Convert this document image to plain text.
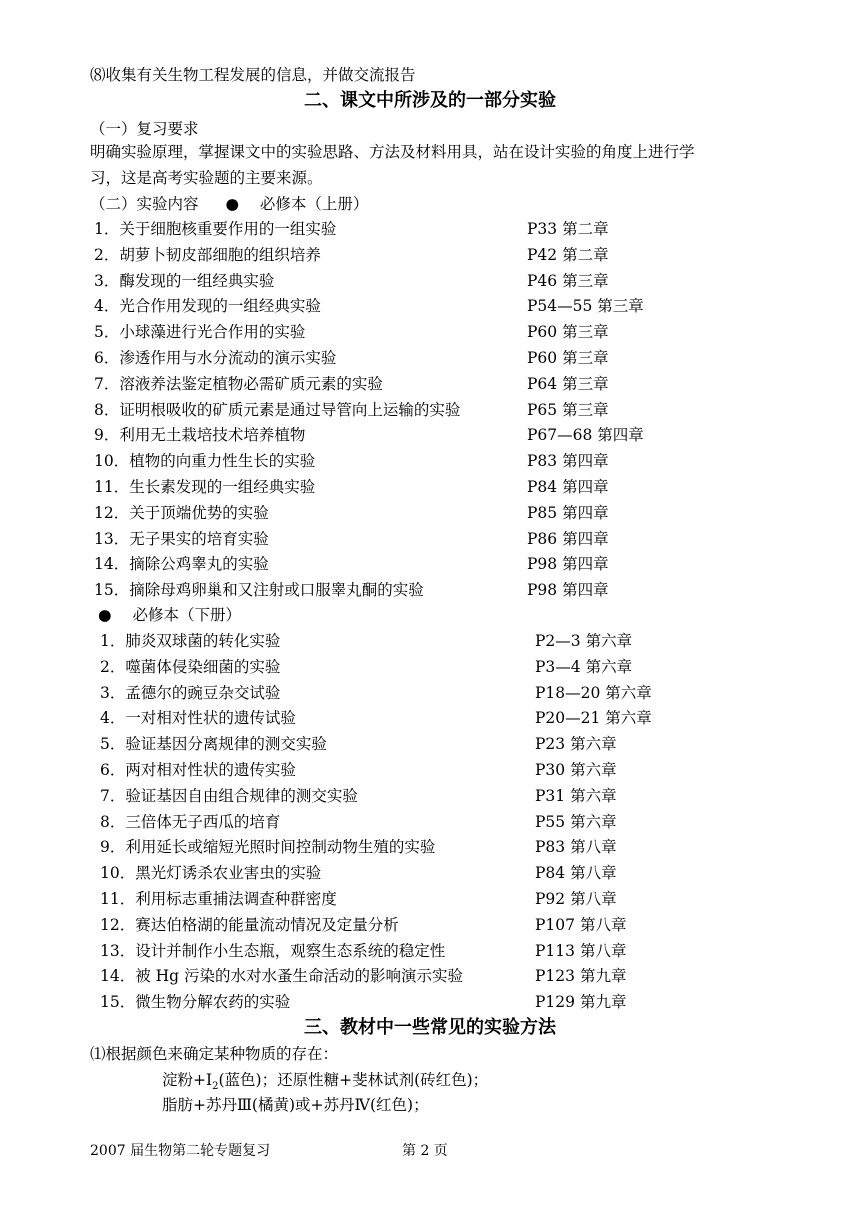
⑻收集有关生物工程发展的信息，并做交流报告
二、课文中所涉及的一部分实验
（一）复习要求
明确实验原理，掌握课文中的实验思路、方法及材料用具，站在设计实验的角度上进行学
习，这是高考实验题的主要来源。
（二）实验内容 ● 必修本（上册）
1．关于细胞核重要作用的一组实验	P33 第二章
2．胡萝卜韧皮部细胞的组织培养	P42 第二章
3．酶发现的一组经典实验	P46 第三章
4．光合作用发现的一组经典实验	P54—55 第三章
5．小球藻进行光合作用的实验	P60 第三章
6．渗透作用与水分流动的演示实验	P60 第三章
7．溶液养法鉴定植物必需矿质元素的实验	P64 第三章
8．证明根吸收的矿质元素是通过导管向上运输的实验	P65 第三章
9．利用无土栽培技术培养植物	P67—68 第四章
10．植物的向重力性生长的实验	P83 第四章
11．生长素发现的一组经典实验	P84 第四章
12．关于顶端优势的实验	P85 第四章
13．无子果实的培育实验	P86 第四章
14．摘除公鸡睾丸的实验	P98 第四章
15．摘除母鸡卵巢和又注射或口服睾丸酮的实验	P98 第四章
● 必修本（下册）
1．肺炎双球菌的转化实验	P2—3 第六章
2．噬菌体侵染细菌的实验	P3—4 第六章
3．孟德尔的豌豆杂交试验	P18—20 第六章
4．一对相对性状的遗传试验	P20—21 第六章
5．验证基因分离规律的测交实验	P23 第六章
6．两对相对性状的遗传实验	P30 第六章
7．验证基因自由组合规律的测交实验	P31 第六章
8．三倍体无子西瓜的培育	P55 第六章
9．利用延长或缩短光照时间控制动物生殖的实验	P83 第八章
10．黑光灯诱杀农业害虫的实验	P84 第八章
11．利用标志重捕法调查种群密度	P92 第八章
12．赛达伯格湖的能量流动情况及定量分析	P107 第八章
13．设计并制作小生态瓶，观察生态系统的稳定性	P113 第八章
14．被 Hg 污染的水对水蚤生命活动的影响演示实验	P123 第九章
15．微生物分解农药的实验	P129 第九章
三、教材中一些常见的实验方法
⑴根据颜色来确定某种物质的存在：
淀粉$+I_2$(蓝色)；还原性糖+斐林试剂(砖红色)；
脂肪+苏丹Ⅲ(橘黄)或+苏丹Ⅳ(红色)；
2007 届生物第二轮专题复习	第 2 页
